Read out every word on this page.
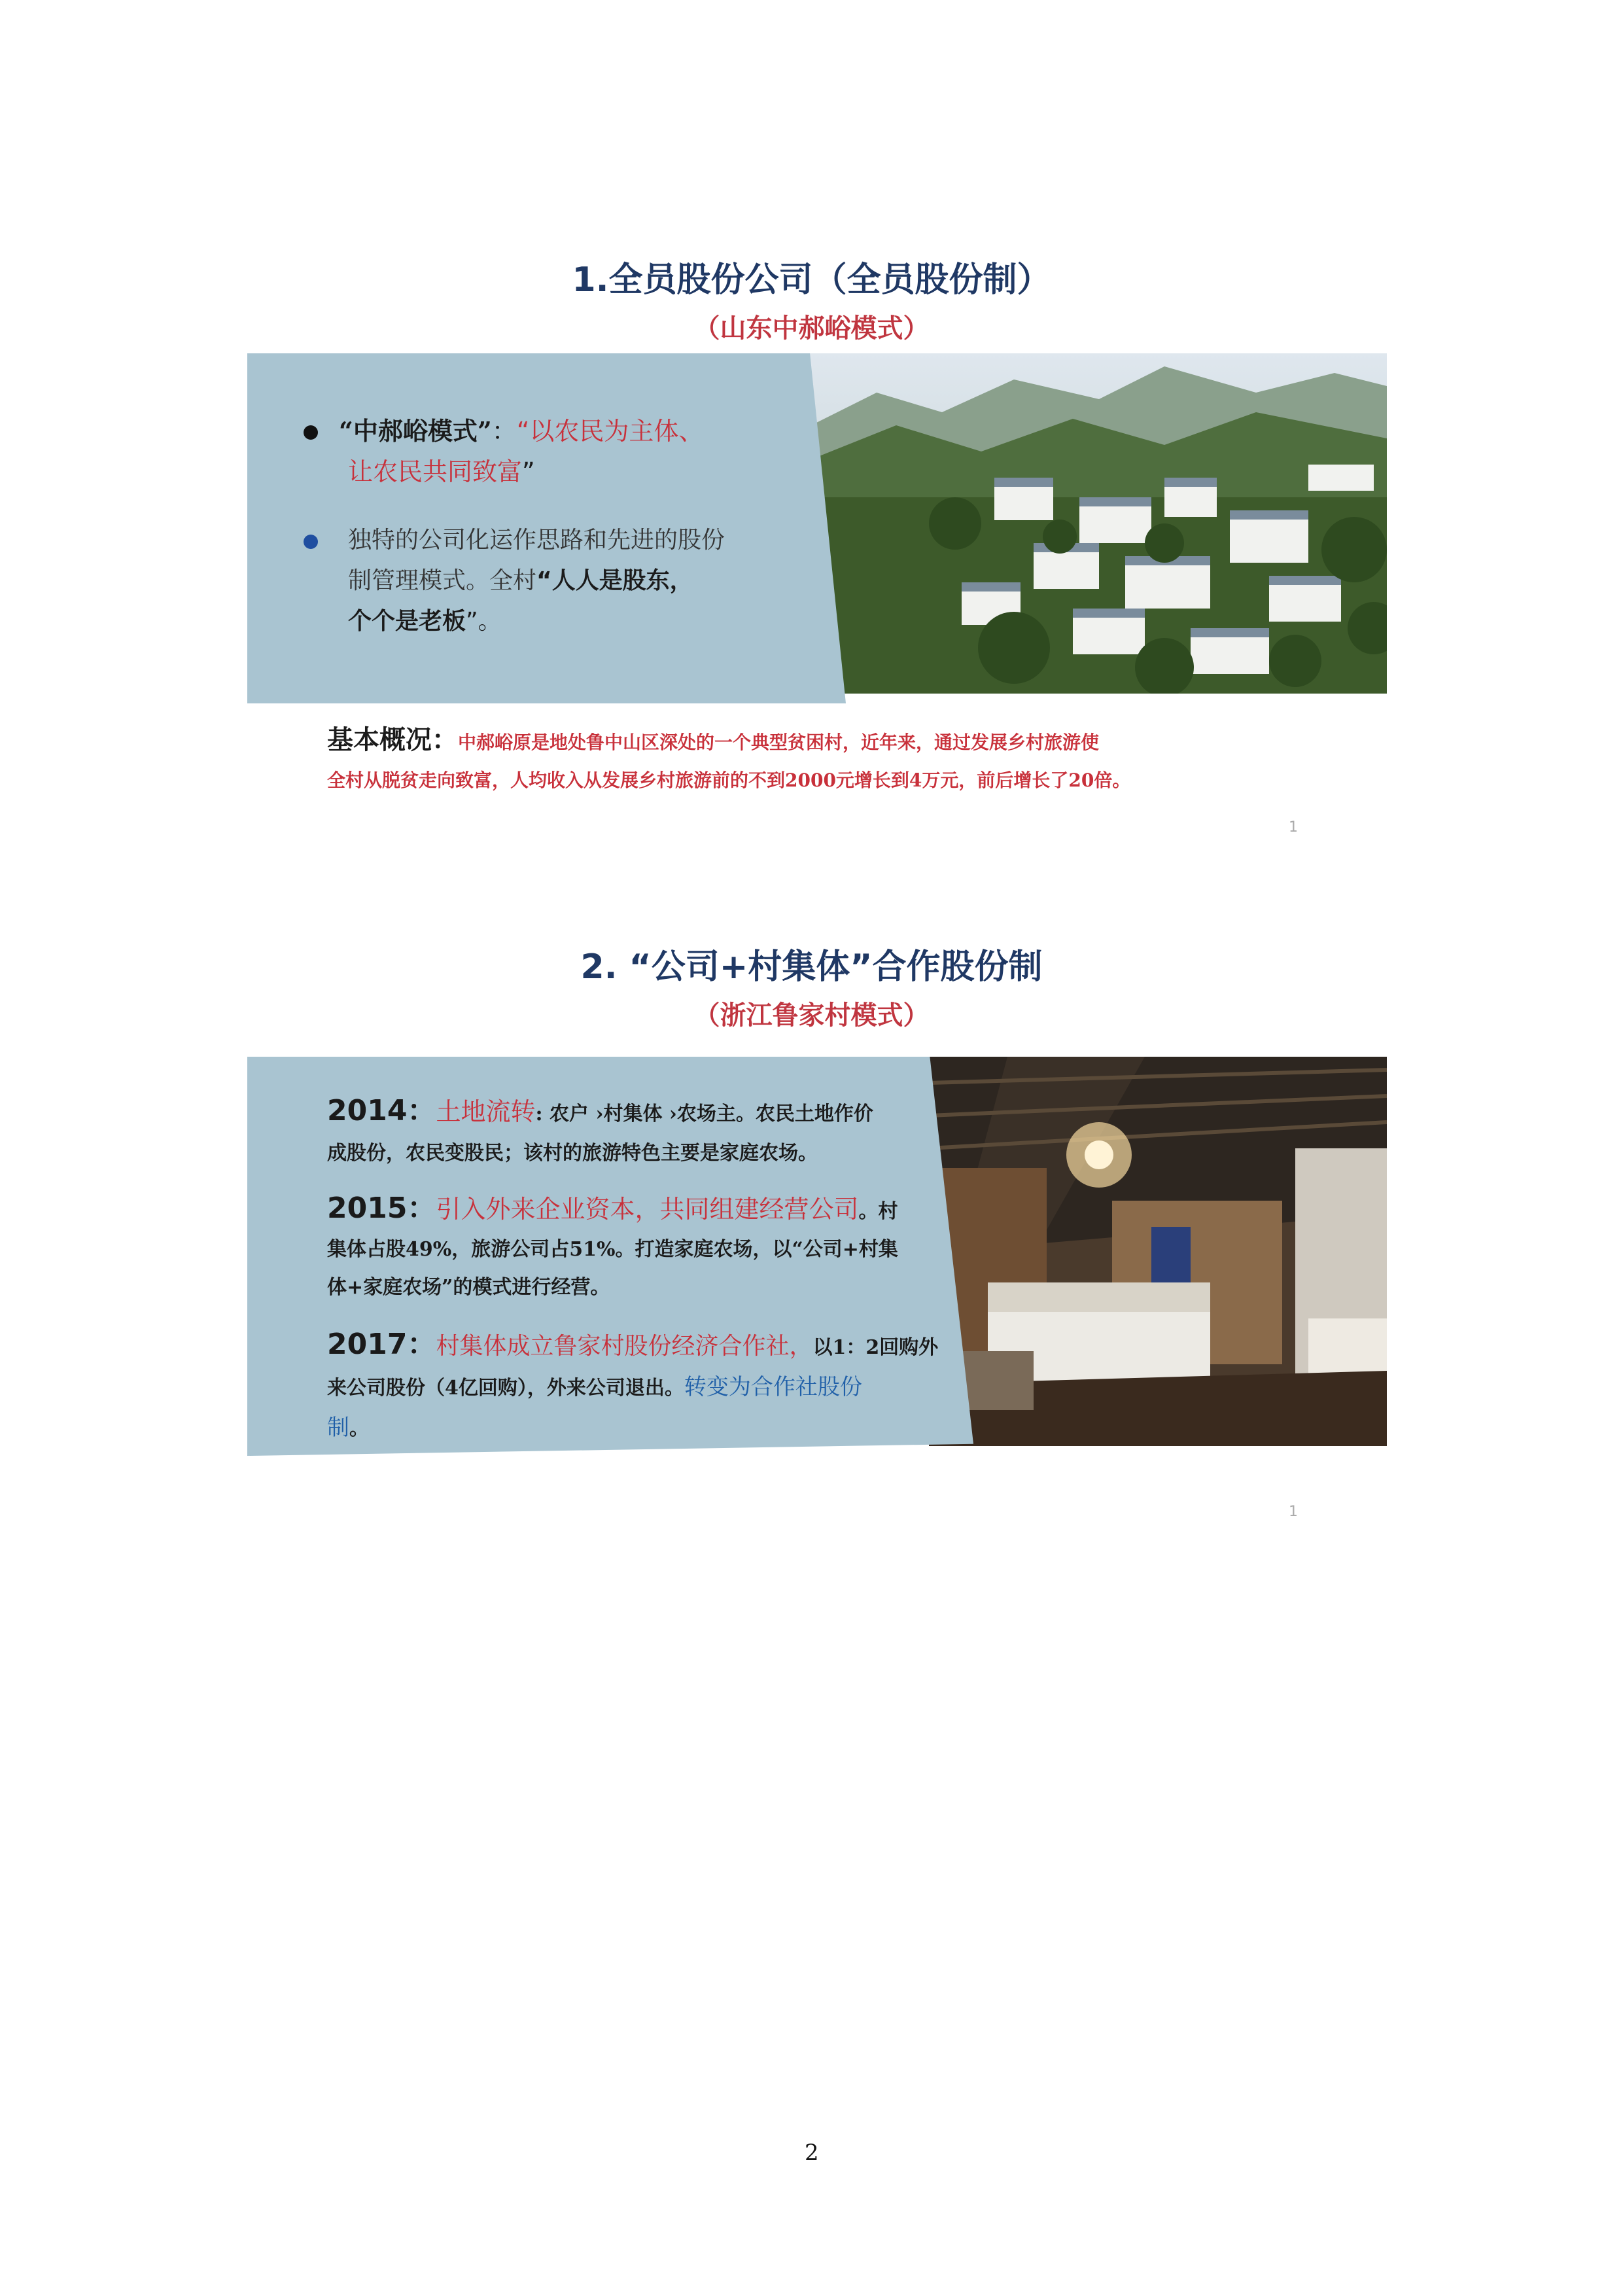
1.全员股份公司（全员股份制）
（山东中郝峪模式）
“中郝峪模式”：“以农民为主体、
让农民共同致富”
独特的公司化运作思路和先进的股份
制管理模式。全村“人人是股东，
个个是老板”。
基本概况：中郝峪原是地处鲁中山区深处的一个典型贫困村，近年来，通过发展乡村旅游使
全村从脱贫走向致富，人均收入从发展乡村旅游前的不到2000元增长到4万元，前后增长了20倍。
1
2. “公司+村集体”合作股份制
（浙江鲁家村模式）
2014：土地流转: 农户 ›村集体 ›农场主。农民土地作价
成股份，农民变股民；该村的旅游特色主要是家庭农场。
2015：引入外来企业资本，共同组建经营公司。村
集体占股49%，旅游公司占51%。打造家庭农场，以“公司+村集
体+家庭农场”的模式进行经营。
2017：村集体成立鲁家村股份经济合作社，以1：2回购外
来公司股份（4亿回购），外来公司退出。转变为合作社股份
制。
1
2
